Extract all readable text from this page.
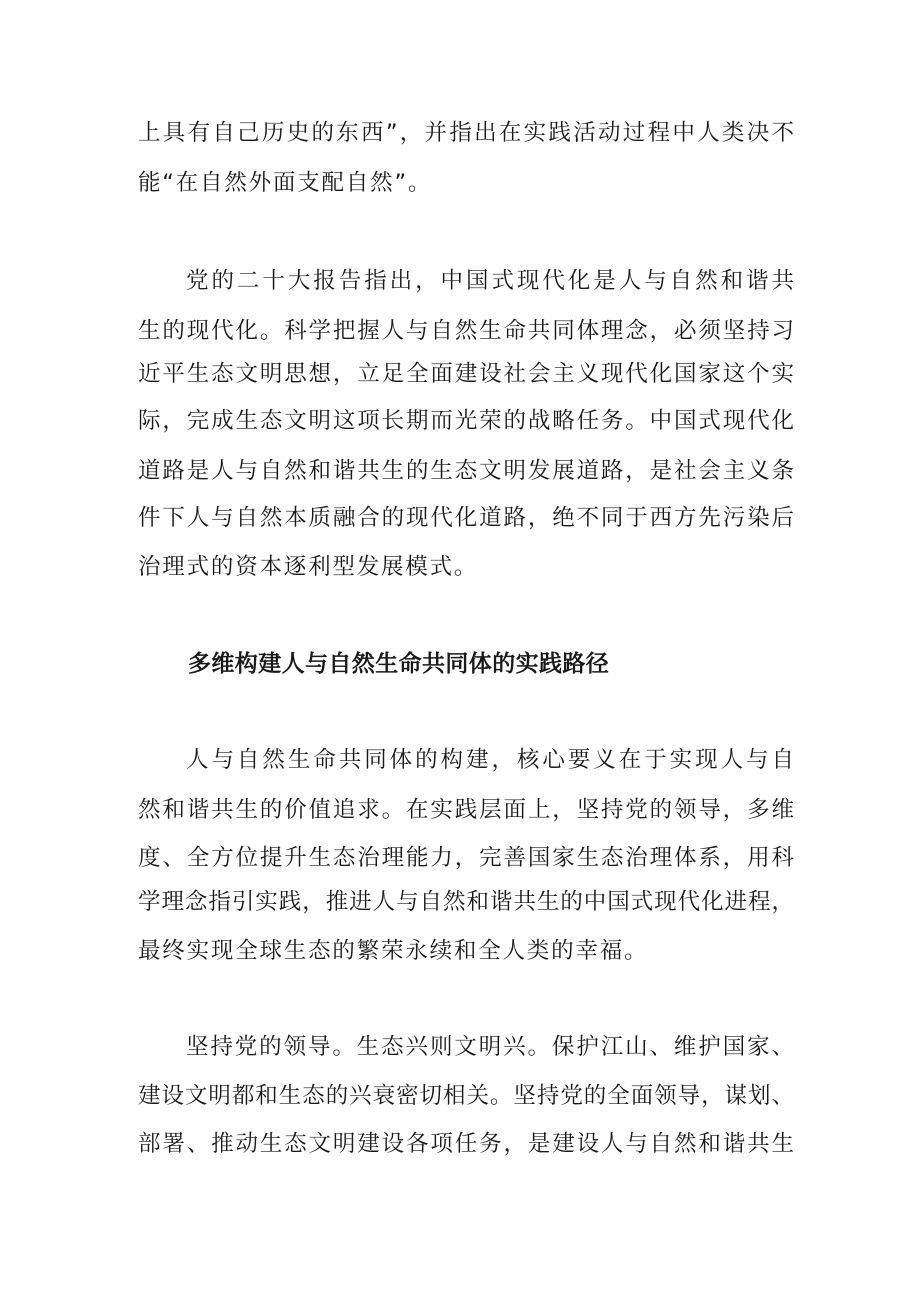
上具有自己历史的东西”，并指出在实践活动过程中人类决不
能“在自然外面支配自然”。
党的二十大报告指出，中国式现代化是人与自然和谐共
生的现代化。科学把握人与自然生命共同体理念，必须坚持习
近平生态文明思想，立足全面建设社会主义现代化国家这个实
际，完成生态文明这项长期而光荣的战略任务。中国式现代化
道路是人与自然和谐共生的生态文明发展道路，是社会主义条
件下人与自然本质融合的现代化道路，绝不同于西方先污染后
治理式的资本逐利型发展模式。
多维构建人与自然生命共同体的实践路径
人与自然生命共同体的构建，核心要义在于实现人与自
然和谐共生的价值追求。在实践层面上，坚持党的领导，多维
度、全方位提升生态治理能力，完善国家生态治理体系，用科
学理念指引实践，推进人与自然和谐共生的中国式现代化进程，
最终实现全球生态的繁荣永续和全人类的幸福。
坚持党的领导。生态兴则文明兴。保护江山、维护国家、
建设文明都和生态的兴衰密切相关。坚持党的全面领导，谋划、
部署、推动生态文明建设各项任务，是建设人与自然和谐共生
